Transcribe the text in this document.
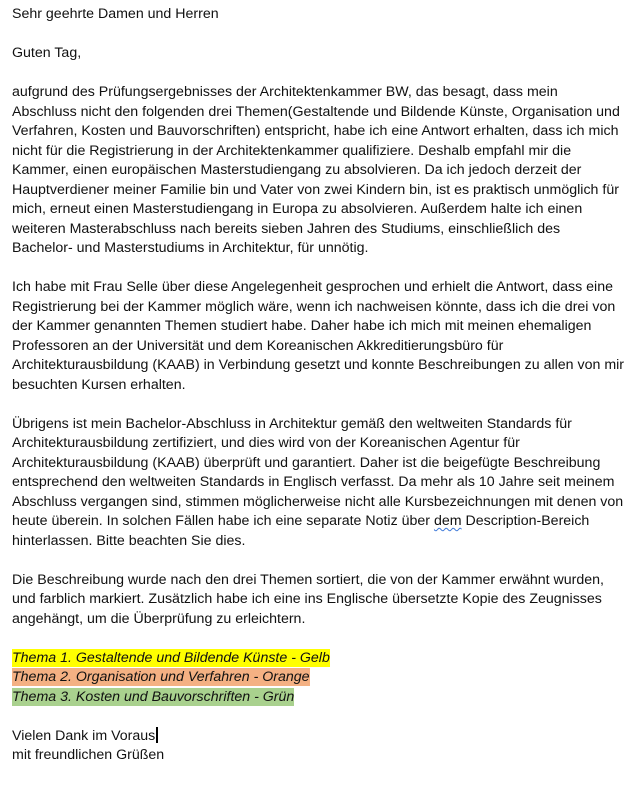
Sehr geehrte Damen und Herren

Guten Tag,

aufgrund des Prüfungsergebnisses der Architektenkammer BW, das besagt, dass mein Abschluss nicht den folgenden drei Themen(Gestaltende und Bildende Künste, Organisation und Verfahren, Kosten und Bauvorschriften) entspricht, habe ich eine Antwort erhalten, dass ich mich nicht für die Registrierung in der Architektenkammer qualifiziere. Deshalb empfahl mir die Kammer, einen europäischen Masterstudiengang zu absolvieren. Da ich jedoch derzeit der Hauptverdiener meiner Familie bin und Vater von zwei Kindern bin, ist es praktisch unmöglich für mich, erneut einen Masterstudiengang in Europa zu absolvieren. Außerdem halte ich einen weiteren Masterabschluss nach bereits sieben Jahren des Studiums, einschließlich des Bachelor- und Masterstudiums in Architektur, für unnötig.

Ich habe mit Frau Selle über diese Angelegenheit gesprochen und erhielt die Antwort, dass eine Registrierung bei der Kammer möglich wäre, wenn ich nachweisen könnte, dass ich die drei von der Kammer genannten Themen studiert habe. Daher habe ich mich mit meinen ehemaligen Professoren an der Universität und dem Koreanischen Akkreditierungsbüro für Architekturausbildung (KAAB) in Verbindung gesetzt und konnte Beschreibungen zu allen von mir besuchten Kursen erhalten.

Übrigens ist mein Bachelor-Abschluss in Architektur gemäß den weltweiten Standards für Architekturausbildung zertifiziert, und dies wird von der Koreanischen Agentur für Architekturausbildung (KAAB) überprüft und garantiert. Daher ist die beigefügte Beschreibung entsprechend den weltweiten Standards in Englisch verfasst. Da mehr als 10 Jahre seit meinem Abschluss vergangen sind, stimmen möglicherweise nicht alle Kursbezeichnungen mit denen von heute überein. In solchen Fällen habe ich eine separate Notiz über dem Description-Bereich hinterlassen. Bitte beachten Sie dies.

Die Beschreibung wurde nach den drei Themen sortiert, die von der Kammer erwähnt wurden, und farblich markiert. Zusätzlich habe ich eine ins Englische übersetzte Kopie des Zeugnisses angehängt, um die Überprüfung zu erleichtern.

Thema 1. Gestaltende und Bildende Künste - Gelb
Thema 2. Organisation und Verfahren - Orange
Thema 3. Kosten und Bauvorschriften - Grün

Vielen Dank im Voraus
mit freundlichen Grüßen
